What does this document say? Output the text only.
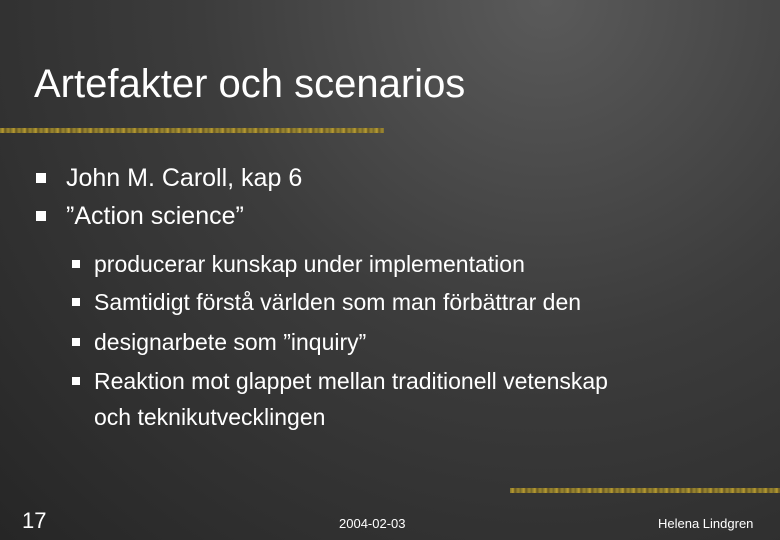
Artefakter och scenarios
John M. Caroll, kap 6
”Action science”
producerar kunskap under implementation
Samtidigt förstå världen som man förbättrar den
designarbete som ”inquiry”
Reaktion mot glappet mellan traditionell vetenskap
och teknikutvecklingen
17	2004-02-03	Helena Lindgren
